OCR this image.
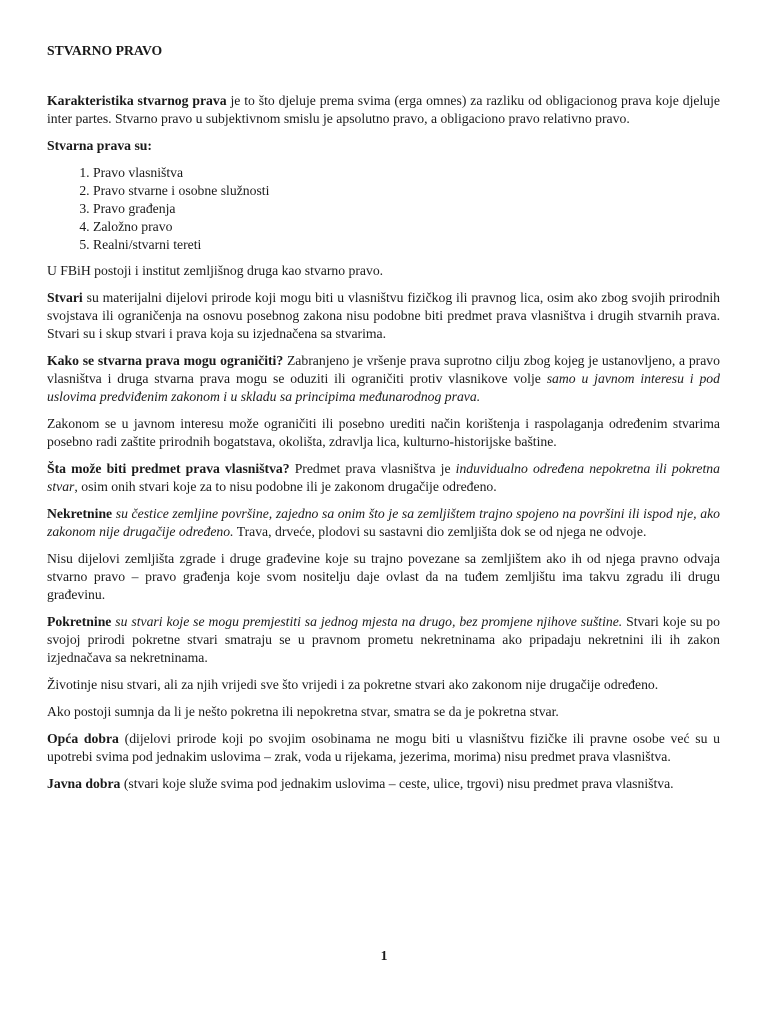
STVARNO PRAVO

Karakteristika stvarnog prava je to što djeluje prema svima (erga omnes) za razliku od obligacionog prava koje djeluje inter partes. Stvarno pravo u subjektivnom smislu je apsolutno pravo, a obligaciono pravo relativno pravo.

Stvarna prava su:

1. Pravo vlasništva
2. Pravo stvarne i osobne služnosti
3. Pravo građenja
4. Založno pravo
5. Realni/stvarni tereti

U FBiH postoji i institut zemljišnog druga kao stvarno pravo.

Stvari su materijalni dijelovi prirode koji mogu biti u vlasništvu fizičkog ili pravnog lica, osim ako zbog svojih prirodnih svojstava ili ograničenja na osnovu posebnog zakona nisu podobne biti predmet prava vlasništva i drugih stvarnih prava. Stvari su i skup stvari i prava koja su izjednačena sa stvarima.

Kako se stvarna prava mogu ograničiti? Zabranjeno je vršenje prava suprotno cilju zbog kojeg je ustanovljeno, a pravo vlasništva i druga stvarna prava mogu se oduziti ili ograničiti protiv vlasnikove volje samo u javnom interesu i pod uslovima predviđenim zakonom i u skladu sa principima međunarodnog prava.

Zakonom se u javnom interesu može ograničiti ili posebno urediti način korištenja i raspolaganja određenim stvarima posebno radi zaštite prirodnih bogatstava, okolišta, zdravlja lica, kulturno-historijske baštine.

Šta može biti predmet prava vlasništva? Predmet prava vlasništva je induvidualno određena nepokretna ili pokretna stvar, osim onih stvari koje za to nisu podobne ili je zakonom drugačije određeno.

Nekretnine su čestice zemljine površine, zajedno sa onim što je sa zemljištem trajno spojeno na površini ili ispod nje, ako zakonom nije drugačije određeno. Trava, drveće, plodovi su sastavni dio zemljišta dok se od njega ne odvoje.

Nisu dijelovi zemljišta zgrade i druge građevine koje su trajno povezane sa zemljištem ako ih od njega pravno odvaja stvarno pravo – pravo građenja koje svom nositelju daje ovlast da na tuđem zemljištu ima takvu zgradu ili drugu građevinu.

Pokretnine su stvari koje se mogu premjestiti sa jednog mjesta na drugo, bez promjene njihove suštine. Stvari koje su po svojoj prirodi pokretne stvari smatraju se u pravnom prometu nekretninama ako pripadaju nekretnini ili ih zakon izjednačava sa nekretninama.

Životinje nisu stvari, ali za njih vrijedi sve što vrijedi i za pokretne stvari ako zakonom nije drugačije određeno.

Ako postoji sumnja da li je nešto pokretna ili nepokretna stvar, smatra se da je pokretna stvar.

Opća dobra (dijelovi prirode koji po svojim osobinama ne mogu biti u vlasništvu fizičke ili pravne osobe već su u upotrebi svima pod jednakim uslovima – zrak, voda u rijekama, jezerima, morima) nisu predmet prava vlasništva.

Javna dobra (stvari koje služe svima pod jednakim uslovima – ceste, ulice, trgovi) nisu predmet prava vlasništva.

1
